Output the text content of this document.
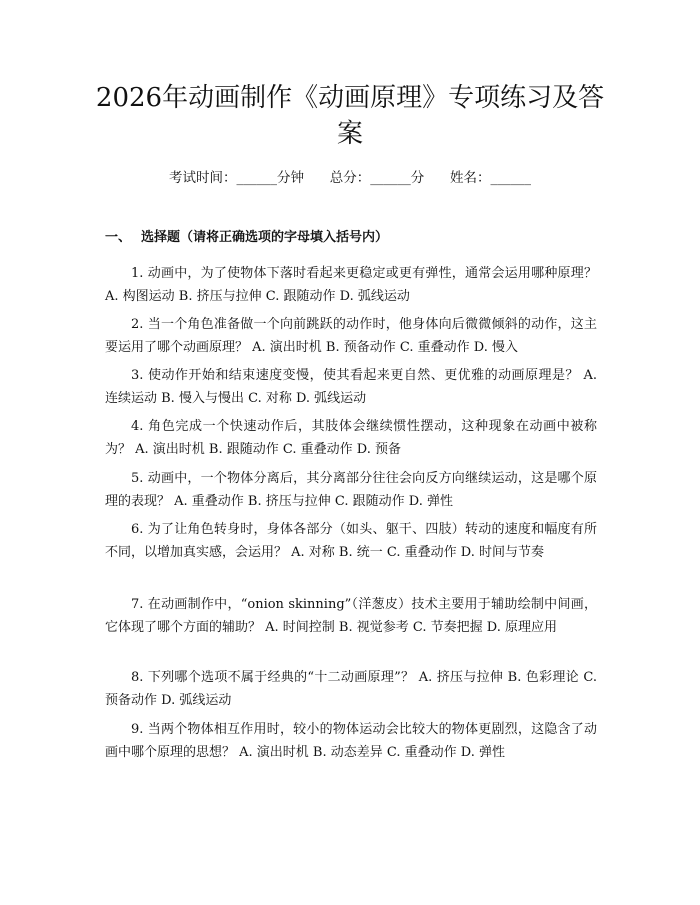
2026年动画制作《动画原理》专项练习及答案
考试时间：______分钟      总分：______分      姓名：______
一、 选择题（请将正确选项的字母填入括号内）

1. 动画中，为了使物体下落时看起来更稳定或更有弹性，通常会运用哪种原理？ A. 构图运动 B. 挤压与拉伸 C. 跟随动作 D. 弧线运动

2. 当一个角色准备做一个向前跳跃的动作时，他身体向后微微倾斜的动作，这主要运用了哪个动画原理？ A. 演出时机 B. 预备动作 C. 重叠动作 D. 慢入

3. 使动作开始和结束速度变慢，使其看起来更自然、更优雅的动画原理是？ A. 连续运动 B. 慢入与慢出 C. 对称 D. 弧线运动

4. 角色完成一个快速动作后，其肢体会继续惯性摆动，这种现象在动画中被称为？ A. 演出时机 B. 跟随动作 C. 重叠动作 D. 预备

5. 动画中，一个物体分离后，其分离部分往往会向反方向继续运动，这是哪个原理的表现？ A. 重叠动作 B. 挤压与拉伸 C. 跟随动作 D. 弹性

6. 为了让角色转身时，身体各部分（如头、躯干、四肢）转动的速度和幅度有所不同，以增加真实感，会运用？ A. 对称 B. 统一 C. 重叠动作 D. 时间与节奏

7. 在动画制作中，“onion skinning”（洋葱皮）技术主要用于辅助绘制中间画，它体现了哪个方面的辅助？ A. 时间控制 B. 视觉参考 C. 节奏把握 D. 原理应用

8. 下列哪个选项不属于经典的“十二动画原理”？ A. 挤压与拉伸 B. 色彩理论 C. 预备动作 D. 弧线运动

9. 当两个物体相互作用时，较小的物体运动会比较大的物体更剧烈，这隐含了动画中哪个原理的思想？ A. 演出时机 B. 动态差异 C. 重叠动作 D. 弹性
